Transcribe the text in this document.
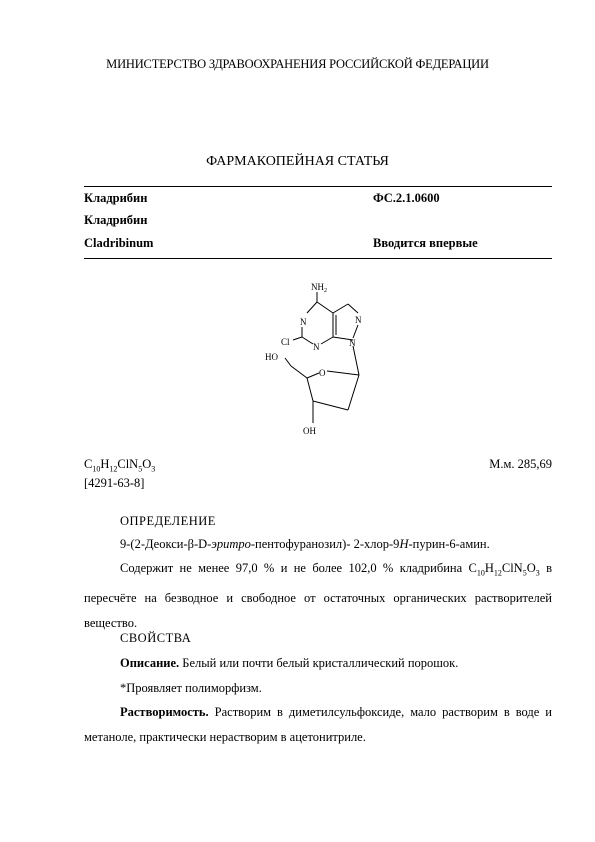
МИНИСТЕРСТВО ЗДРАВООХРАНЕНИЯ РОССИЙСКОЙ ФЕДЕРАЦИИ
ФАРМАКОПЕЙНАЯ СТАТЬЯ
Кладрибин	ФС.2.1.0600
Кладрибин
Cladribinum	Вводится впервые
$NH_2$
N
N
N
N
Cl
HO
O
OH
$C_{10}H_{12}ClN_5O_3$	М.м. 285,69
[4291-63-8]
ОПРЕДЕЛЕНИЕ
9-(2-Деокси-β-D-эритро-пентофуранозил)- 2-хлор-9Н-пурин-6-амин.
Содержит не менее 97,0 % и не более 102,0 % кладрибина $C_{10}H_{12}ClN_5O_3$ в пересчёте на безводное и свободное от остаточных органических растворителей вещество.
СВОЙСТВА
Описание. Белый или почти белый кристаллический порошок.
*Проявляет полиморфизм.
Растворимость. Растворим в диметилсульфоксиде, мало растворим в воде и метаноле, практически нерастворим в ацетонитриле.
